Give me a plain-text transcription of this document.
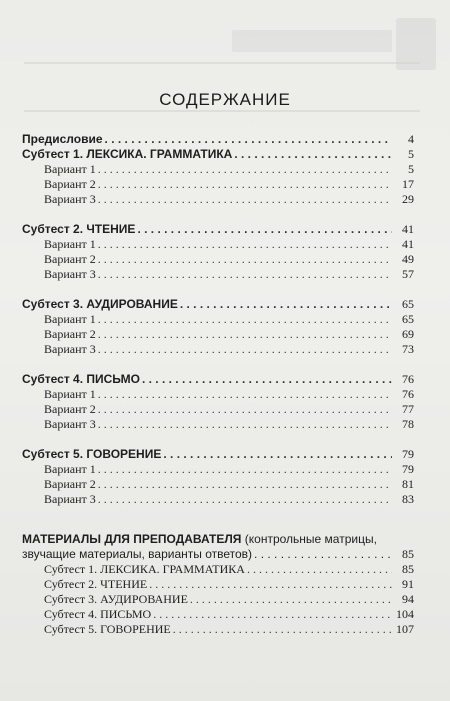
СОДЕРЖАНИЕ
Предисловие . . .	4
Субтест 1. ЛЕКСИКА. ГРАММАТИКА . . .	5
Вариант 1 . . .	5
Вариант 2 . . .	17
Вариант 3 . . .	29
Субтест 2. ЧТЕНИЕ . . .	41
Вариант 1 . . .	41
Вариант 2 . . .	49
Вариант 3 . . .	57
Субтест 3. АУДИРОВАНИЕ . . .	65
Вариант 1 . . .	65
Вариант 2 . . .	69
Вариант 3 . . .	73
Субтест 4. ПИСЬМО . . .	76
Вариант 1 . . .	76
Вариант 2 . . .	77
Вариант 3 . . .	78
Субтест 5. ГОВОРЕНИЕ . . .	79
Вариант 1 . . .	79
Вариант 2 . . .	81
Вариант 3 . . .	83
МАТЕРИАЛЫ ДЛЯ ПРЕПОДАВАТЕЛЯ (контрольные матрицы,
звучащие материалы, варианты ответов) . . .	85
Субтест 1. ЛЕКСИКА. ГРАММАТИКА . . .	85
Субтест 2. ЧТЕНИЕ . . .	91
Субтест 3. АУДИРОВАНИЕ . . .	94
Субтест 4. ПИСЬМО . . .	104
Субтест 5. ГОВОРЕНИЕ . . .	107
